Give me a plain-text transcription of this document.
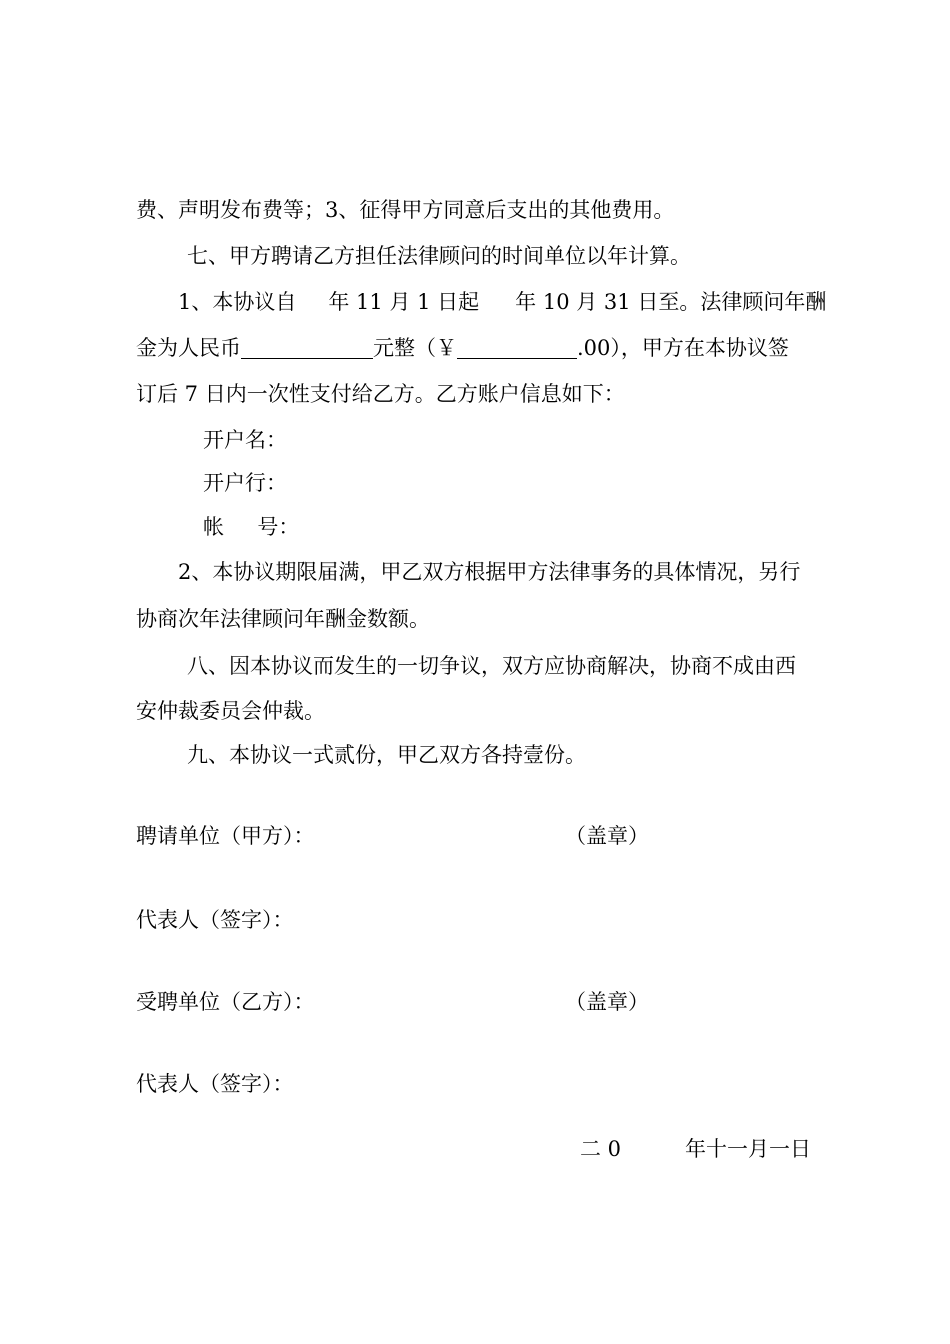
费、声明发布费等；3、征得甲方同意后支出的其他费用。
七、甲方聘请乙方担任法律顾问的时间单位以年计算。
1、本协议自 年 11 月 1 日起 年 10 月 31 日至。法律顾问年酬
金为人民币	元整（￥	.00），甲方在本协议签
订后 7 日内一次性支付给乙方。乙方账户信息如下：
开户名：
开户行：
帐     号：
2、本协议期限届满，甲乙双方根据甲方法律事务的具体情况，另行
协商次年法律顾问年酬金数额。
八、因本协议而发生的一切争议，双方应协商解决，协商不成由西
安仲裁委员会仲裁。
九、本协议一式贰份，甲乙双方各持壹份。
聘请单位（甲方）：	（盖章）
代表人（签字）：
受聘单位（乙方）：	（盖章）
代表人（签字）：
二 0	年十一月一日
